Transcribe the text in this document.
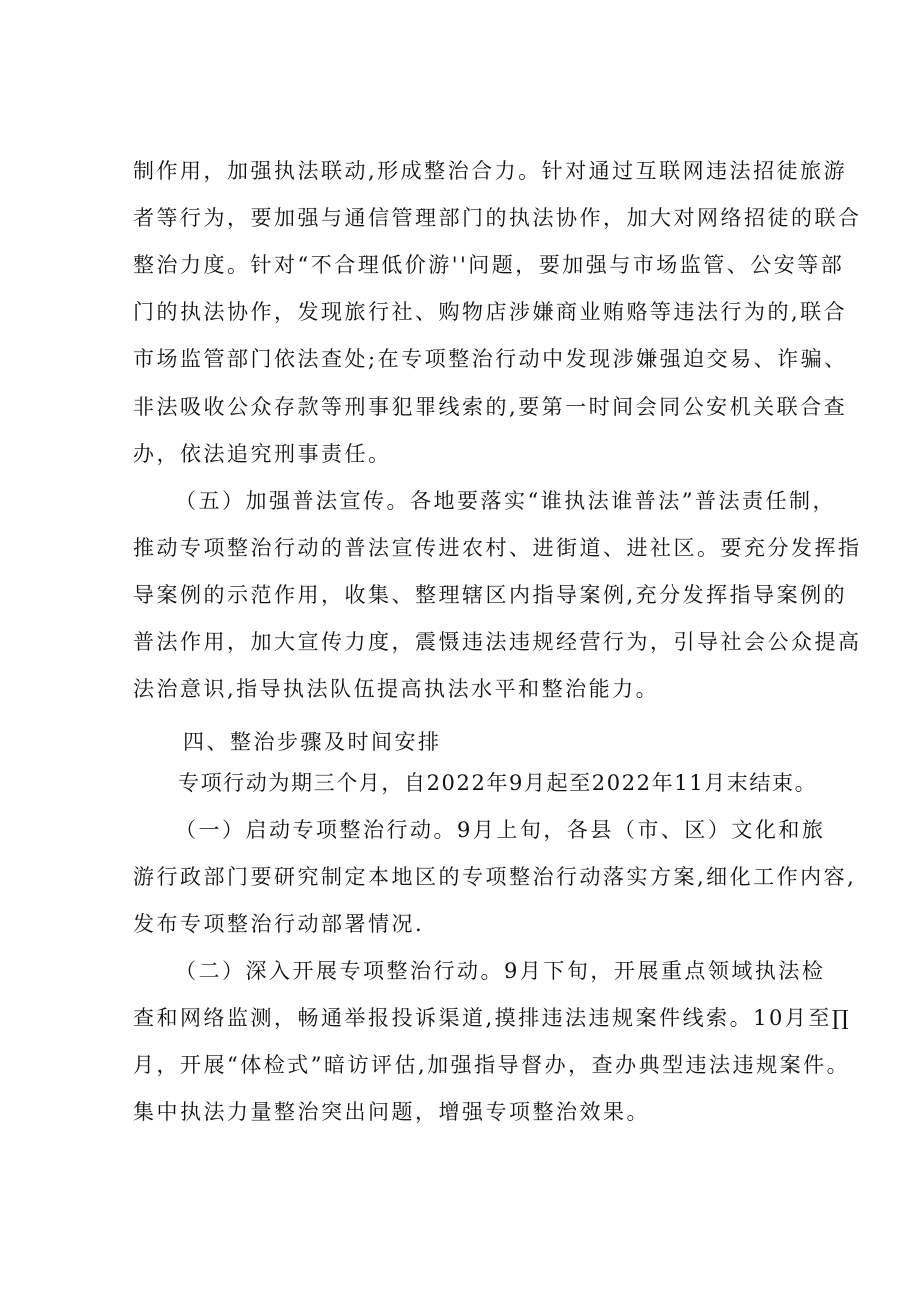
制作用，加强执法联动,形成整治合力。针对通过互联网违法招徒旅游
者等行为，要加强与通信管理部门的执法协作，加大对网络招徒的联合
整治力度。针对“不合理低价游''问题，要加强与市场监管、公安等部
门的执法协作，发现旅行社、购物店涉嫌商业贿赂等违法行为的,联合
市场监管部门依法查处;在专项整治行动中发现涉嫌强迫交易、诈骗、
非法吸收公众存款等刑事犯罪线索的,要第一时间会同公安机关联合查
办，依法追究刑事责任。
（五）加强普法宣传。各地要落实“谁执法谁普法”普法责任制，
推动专项整治行动的普法宣传进农村、进街道、进社区。要充分发挥指
导案例的示范作用，收集、整理辖区内指导案例,充分发挥指导案例的
普法作用，加大宣传力度，震慑违法违规经营行为，引导社会公众提高
法治意识,指导执法队伍提高执法水平和整治能力。
四、整治步骤及时间安排
专项行动为期三个月，自2022年9月起至2022年11月末结束。
（一）启动专项整治行动。9月上旬，各县（市、区）文化和旅
游行政部门要研究制定本地区的专项整治行动落实方案,细化工作内容,
发布专项整治行动部署情况.
（二）深入开展专项整治行动。9月下旬，开展重点领域执法检
查和网络监测，畅通举报投诉渠道,摸排违法违规案件线索。10月至∏
月，开展“体检式”暗访评估,加强指导督办，查办典型违法违规案件。
集中执法力量整治突出问题，增强专项整治效果。
